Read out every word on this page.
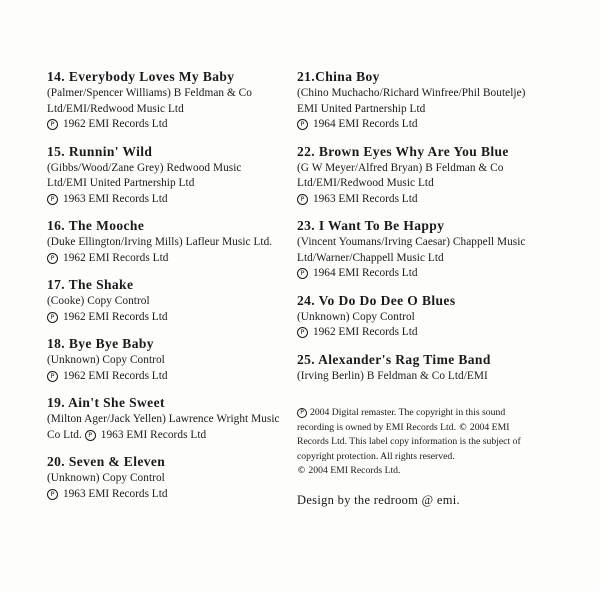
14. Everybody Loves My Baby
(Palmer/Spencer Williams) B Feldman & Co Ltd/EMI/Redwood Music Ltd
P 1962 EMI Records Ltd
15. Runnin' Wild
(Gibbs/Wood/Zane Grey) Redwood Music Ltd/EMI United Partnership Ltd
P 1963 EMI Records Ltd
16. The Mooche
(Duke Ellington/Irving Mills) Lafleur Music Ltd. P 1962 EMI Records Ltd
17. The Shake
(Cooke) Copy Control
P 1962 EMI Records Ltd
18. Bye Bye Baby
(Unknown) Copy Control
P 1962 EMI Records Ltd
19. Ain't She Sweet
(Milton Ager/Jack Yellen) Lawrence Wright Music Co Ltd. P 1963 EMI Records Ltd
20. Seven & Eleven
(Unknown) Copy Control
P 1963 EMI Records Ltd
21.China Boy
(Chino Muchacho/Richard Winfree/Phil Boutelje) EMI United Partnership Ltd
P 1964 EMI Records Ltd
22. Brown Eyes Why Are You Blue
(G W Meyer/Alfred Bryan) B Feldman & Co Ltd/EMI/Redwood Music Ltd
P 1963 EMI Records Ltd
23. I Want To Be Happy
(Vincent Youmans/Irving Caesar) Chappell Music Ltd/Warner/Chappell Music Ltd
P 1964 EMI Records Ltd
24. Vo Do Do Dee O Blues
(Unknown) Copy Control
P 1962 EMI Records Ltd
25. Alexander's Rag Time Band
(Irving Berlin) B Feldman & Co Ltd/EMI
P 2004 Digital remaster. The copyright in this sound recording is owned by EMI Records Ltd. © 2004 EMI Records Ltd. This label copy information is the subject of copyright protection. All rights reserved.
© 2004 EMI Records Ltd.
Design by the redroom @ emi.
